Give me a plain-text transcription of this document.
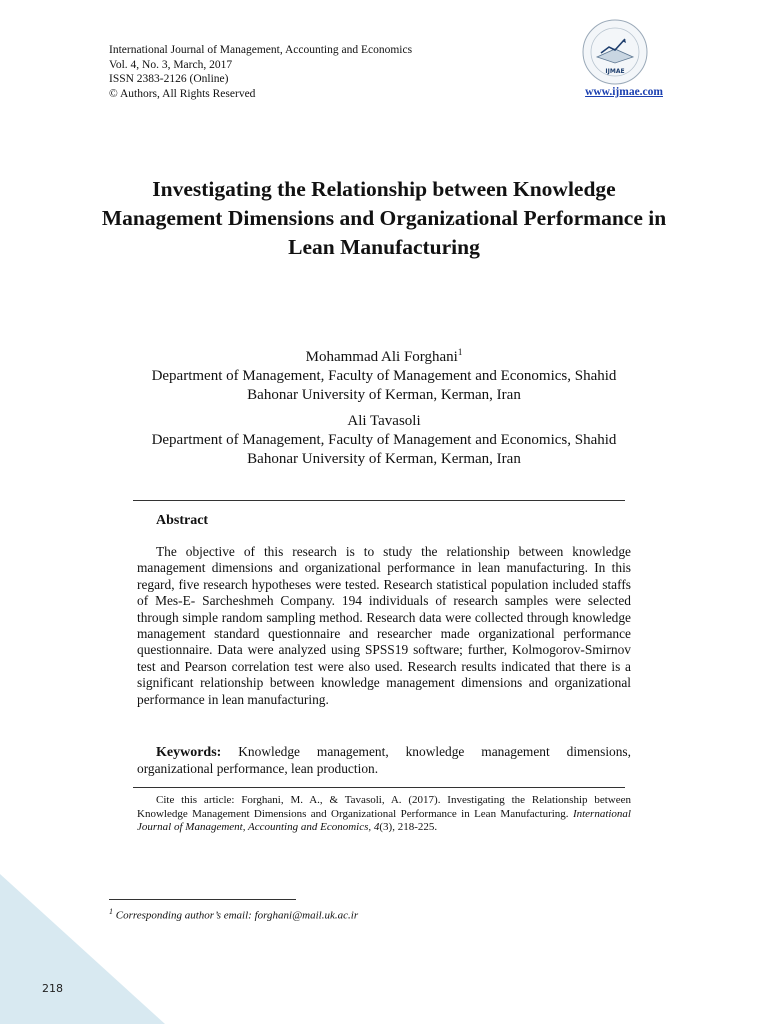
International Journal of Management, Accounting and Economics
Vol. 4, No. 3, March, 2017
ISSN 2383-2126 (Online)
© Authors, All Rights Reserved
IJMAE
www.ijmae.com
Investigating the Relationship between Knowledge Management Dimensions and Organizational Performance in Lean Manufacturing
Mohammad Ali Forghani$^1$
Department of Management, Faculty of Management and Economics, Shahid
Bahonar University of Kerman, Kerman, Iran
Ali Tavasoli
Department of Management, Faculty of Management and Economics, Shahid
Bahonar University of Kerman, Kerman, Iran
Abstract
The objective of this research is to study the relationship between knowledge management dimensions and organizational performance in lean manufacturing. In this regard, five research hypotheses were tested. Research statistical population included staffs of Mes-E- Sarcheshmeh Company. 194 individuals of research samples were selected through simple random sampling method. Research data were collected through knowledge management standard questionnaire and researcher made organizational performance questionnaire. Data were analyzed using SPSS19 software; further, Kolmogorov-Smirnov test and Pearson correlation test were also used. Research results indicated that there is a significant relationship between knowledge management dimensions and organizational performance in lean manufacturing.
Keywords: Knowledge management, knowledge management dimensions, organizational performance, lean production.
Cite this article: Forghani, M. A., & Tavasoli, A. (2017). Investigating the Relationship between Knowledge Management Dimensions and Organizational Performance in Lean Manufacturing. International Journal of Management, Accounting and Economics, 4(3), 218-225.
$^1$ Corresponding author’s email: forghani@mail.uk.ac.ir
218
